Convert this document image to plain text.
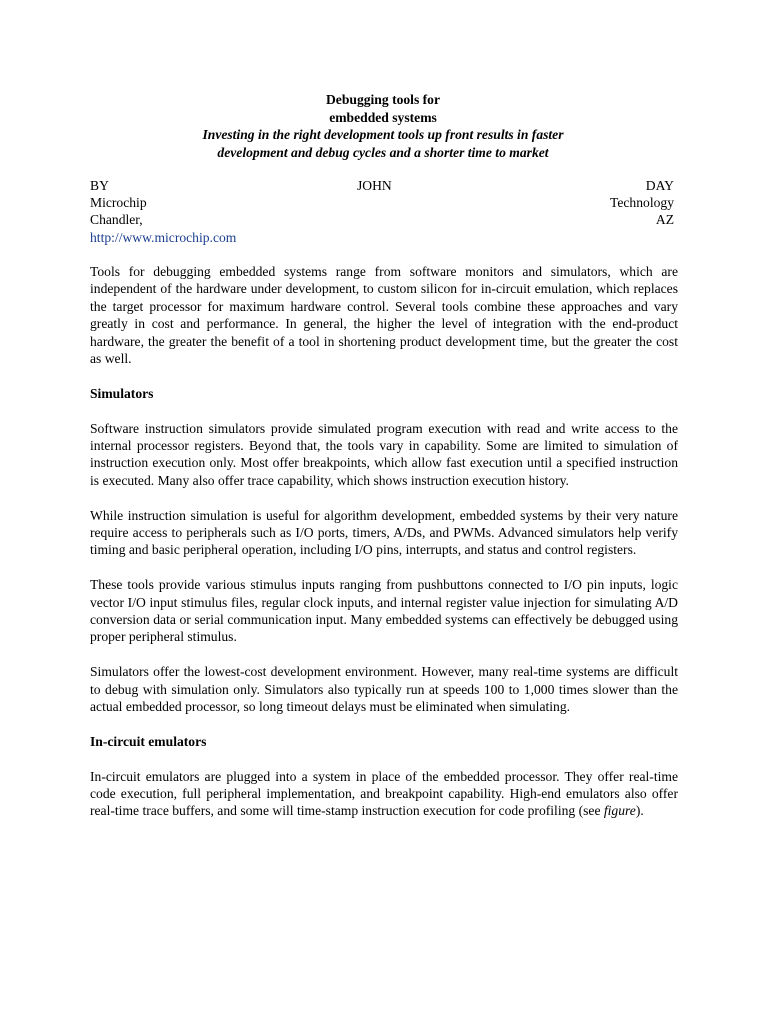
Debugging tools for
embedded systems
Investing in the right development tools up front results in faster
development and debug cycles and a shorter time to market
BY	JOHN	DAY
Microchip	Technology
Chandler,	AZ
http://www.microchip.com

Tools for debugging embedded systems range from software monitors and simulators, which are independent of the hardware under development, to custom silicon for in-circuit emulation, which replaces the target processor for maximum hardware control. Several tools combine these approaches and vary greatly in cost and performance. In general, the higher the level of integration with the end-product hardware, the greater the benefit of a tool in shortening product development time, but the greater the cost as well.

Simulators

Software instruction simulators provide simulated program execution with read and write access to the internal processor registers. Beyond that, the tools vary in capability. Some are limited to simulation of instruction execution only. Most offer breakpoints, which allow fast execution until a specified instruction is executed. Many also offer trace capability, which shows instruction execution history.

While instruction simulation is useful for algorithm development, embedded systems by their very nature require access to peripherals such as I/O ports, timers, A/Ds, and PWMs. Advanced simulators help verify timing and basic peripheral operation, including I/O pins, interrupts, and status and control registers.

These tools provide various stimulus inputs ranging from pushbuttons connected to I/O pin inputs, logic vector I/O input stimulus files, regular clock inputs, and internal register value injection for simulating A/D conversion data or serial communication input. Many embedded systems can effectively be debugged using proper peripheral stimulus.

Simulators offer the lowest-cost development environment. However, many real-time systems are difficult to debug with simulation only. Simulators also typically run at speeds 100 to 1,000 times slower than the actual embedded processor, so long timeout delays must be eliminated when simulating.

In-circuit emulators

In-circuit emulators are plugged into a system in place of the embedded processor. They offer real-time code execution, full peripheral implementation, and breakpoint capability. High-end emulators also offer real-time trace buffers, and some will time-stamp instruction execution for code profiling (see figure).
